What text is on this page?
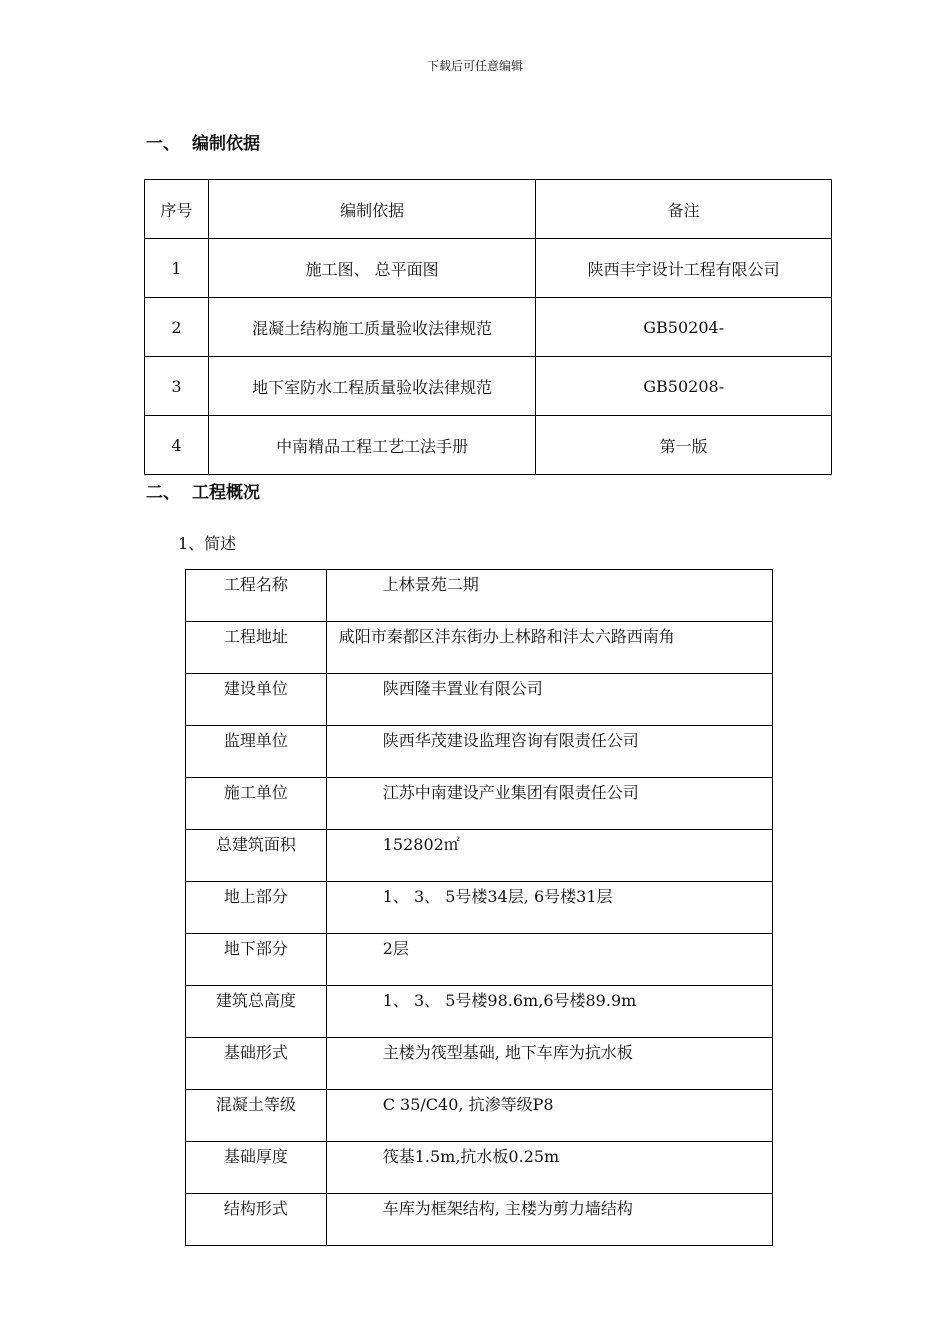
下载后可任意编辑
一、 编制依据
序号	编制依据	备注
1	施工图、 总平面图	陕西丰宇设计工程有限公司
2	混凝土结构施工质量验收法律规范	GB50204-
3	地下室防水工程质量验收法律规范	GB50208-
4	中南精品工程工艺工法手册	第一版
二、 工程概况
1、简述
工程名称	上林景苑二期
工程地址	咸阳市秦都区沣东街办上林路和沣太六路西南角
建设单位	陕西隆丰置业有限公司
监理单位	陕西华茂建设监理咨询有限责任公司
施工单位	江苏中南建设产业集团有限责任公司
总建筑面积	152802㎡
地上部分	1、 3、 5号楼34层, 6号楼31层
地下部分	2层
建筑总高度	1、 3、 5号楼98.6m,6号楼89.9m
基础形式	主楼为筏型基础, 地下车库为抗水板
混凝土等级	C 35/C40, 抗渗等级P8
基础厚度	筏基1.5m,抗水板0.25m
结构形式	车库为框架结构, 主楼为剪力墙结构
